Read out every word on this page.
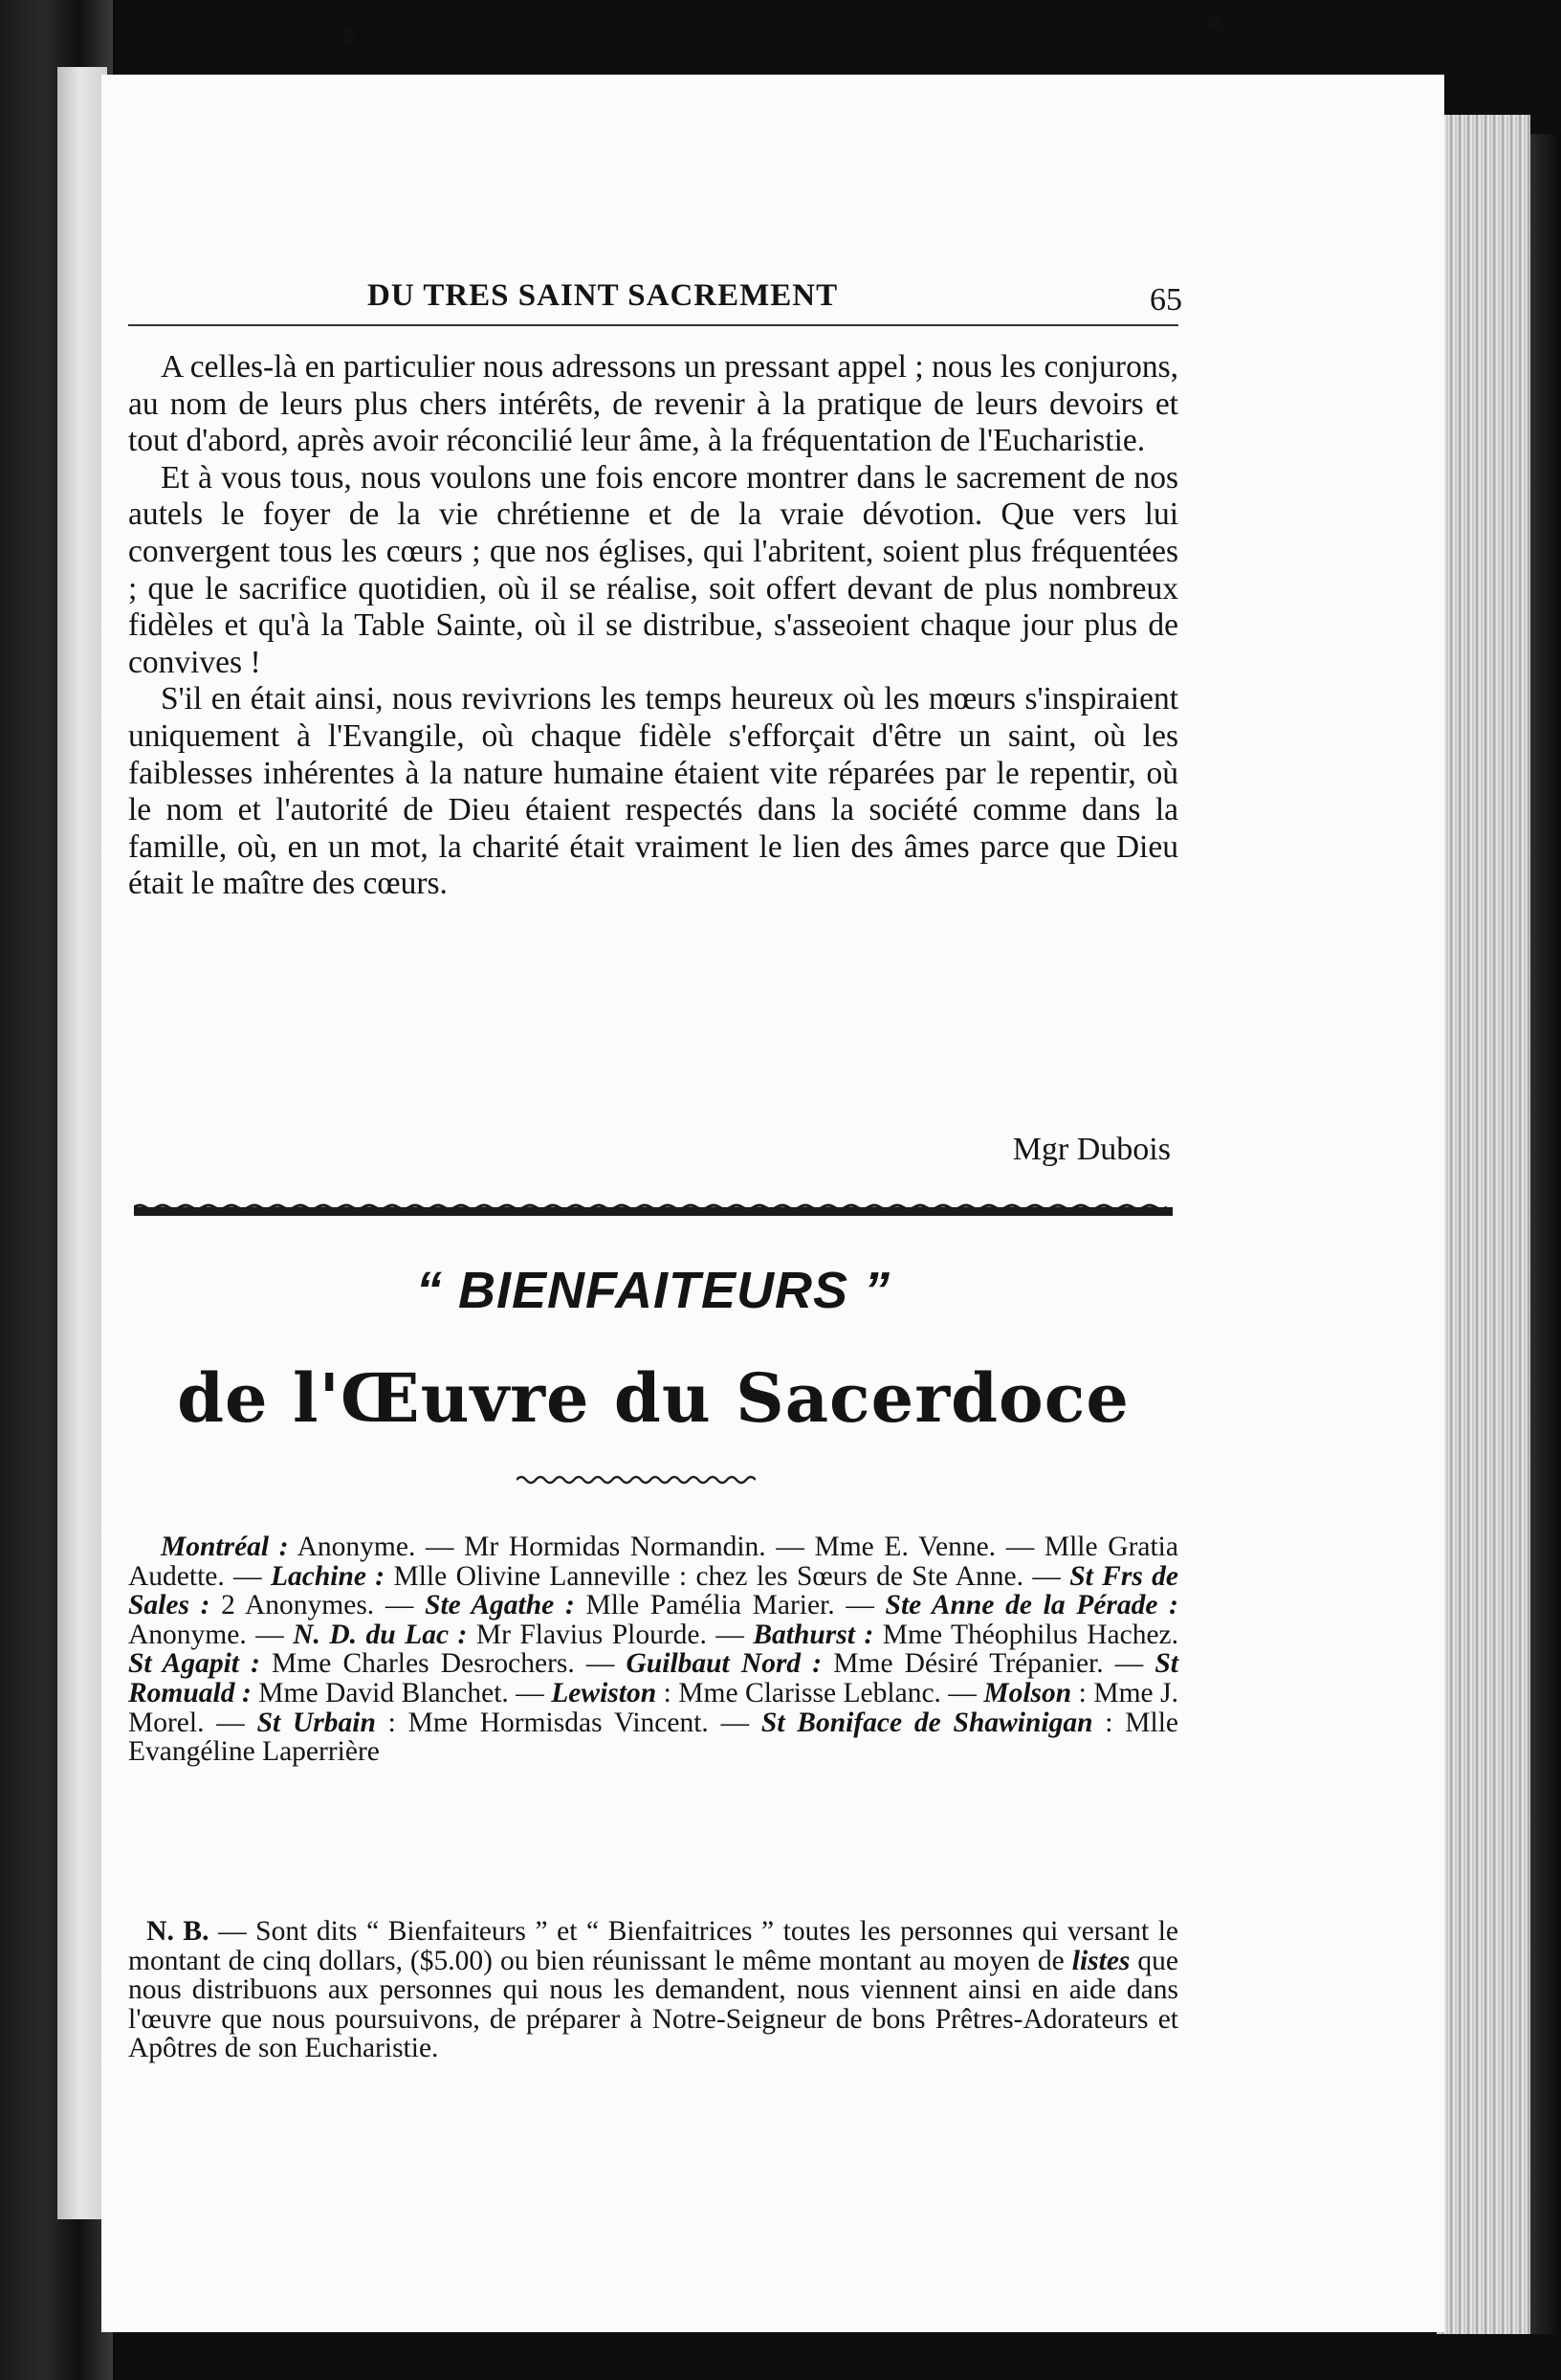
DU TRES SAINT SACREMENT	65

A celles-là en particulier nous adressons un pressant appel ; nous les conjurons, au nom de leurs plus chers intérêts, de revenir à la pratique de leurs devoirs et tout d'abord, après avoir réconcilié leur âme, à la fréquentation de l'Eucharistie.

Et à vous tous, nous voulons une fois encore montrer dans le sacrement de nos autels le foyer de la vie chrétienne et de la vraie dévotion. Que vers lui convergent tous les cœurs ; que nos églises, qui l'abritent, soient plus fréquentées ; que le sacrifice quotidien, où il se réalise, soit offert devant de plus nombreux fidèles et qu'à la Table Sainte, où il se distribue, s'asseoient chaque jour plus de convives !

S'il en était ainsi, nous revivrions les temps heureux où les mœurs s'inspiraient uniquement à l'Evangile, où chaque fidèle s'efforçait d'être un saint, où les faiblesses inhérentes à la nature humaine étaient vite réparées par le repentir, où le nom et l'autorité de Dieu étaient respectés dans la société comme dans la famille, où, en un mot, la charité était vraiment le lien des âmes parce que Dieu était le maître des cœurs.

Mgr Dubois
“ BIENFAITEURS ”
de l'Œuvre du Sacerdoce

Montréal : Anonyme. — Mr Hormidas Normandin. — Mme E. Venne. — Mlle Gratia Audette. — Lachine : Mlle Olivine Lanneville : chez les Sœurs de Ste Anne. — St Frs de Sales : 2 Anonymes. — Ste Agathe : Mlle Pamélia Marier. — Ste Anne de la Pérade : Anonyme. — N. D. du Lac : Mr Flavius Plourde. — Bathurst : Mme Théophilus Hachez. St Agapit : Mme Charles Desrochers. — Guilbaut Nord : Mme Désiré Trépanier. — St Romuald : Mme David Blanchet. — Lewiston : Mme Clarisse Leblanc. — Molson : Mme J. Morel. — St Urbain : Mme Hormisdas Vincent. — St Boniface de Shawinigan : Mlle Evangéline Laperrière

N. B. — Sont dits “ Bienfaiteurs ” et “ Bienfaitrices ” toutes les personnes qui versant le montant de cinq dollars, ($5.00) ou bien réunissant le même montant au moyen de listes que nous distribuons aux personnes qui nous les demandent, nous viennent ainsi en aide dans l'œuvre que nous poursuivons, de préparer à Notre-Seigneur de bons Prêtres-Adorateurs et Apôtres de son Eucharistie.
